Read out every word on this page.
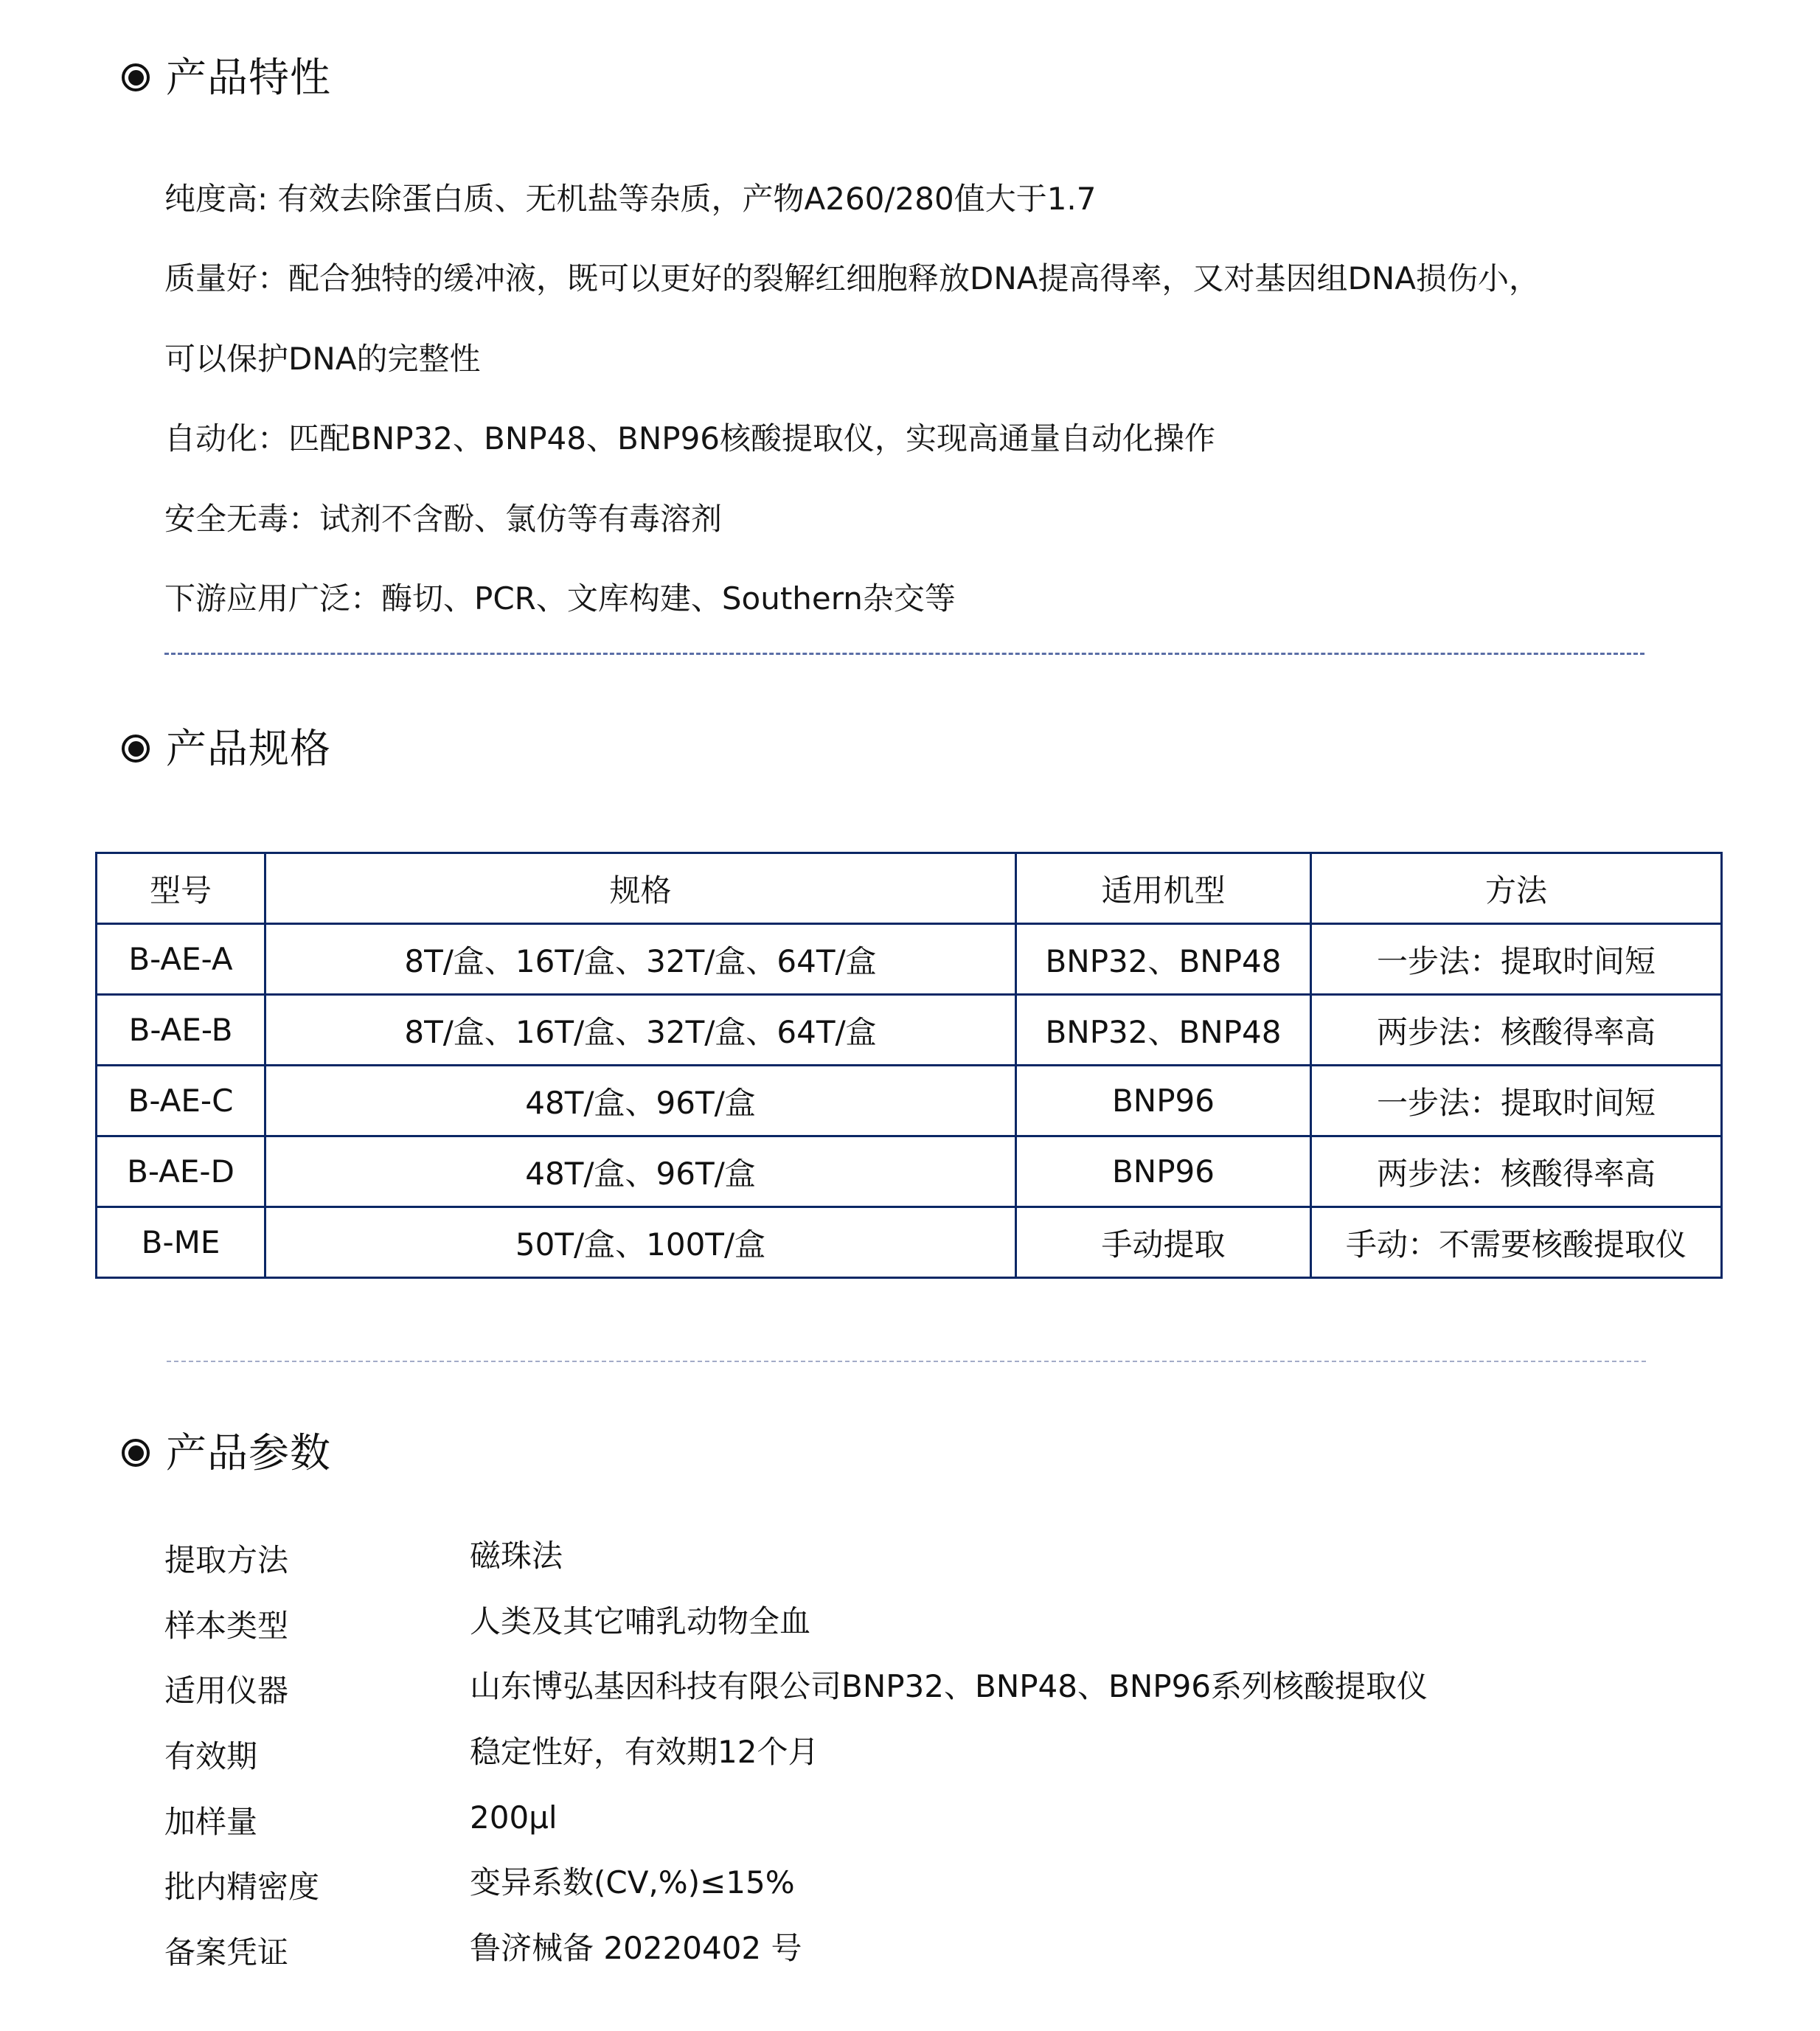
产品特性
纯度高: 有效去除蛋白质、无机盐等杂质，产物A260/280值大于1.7
质量好：配合独特的缓冲液，既可以更好的裂解红细胞释放DNA提高得率，又对基因组DNA损伤小，
可以保护DNA的完整性
自动化：匹配BNP32、BNP48、BNP96核酸提取仪，实现高通量自动化操作
安全无毒：试剂不含酚、氯仿等有毒溶剂
下游应用广泛：酶切、PCR、文库构建、Southern杂交等
产品规格
型号	规格	适用机型	方法
B-AE-A	8T/盒、16T/盒、32T/盒、64T/盒	BNP32、BNP48	一步法：提取时间短
B-AE-B	8T/盒、16T/盒、32T/盒、64T/盒	BNP32、BNP48	两步法：核酸得率高
B-AE-C	48T/盒、96T/盒	BNP96	一步法：提取时间短
B-AE-D	48T/盒、96T/盒	BNP96	两步法：核酸得率高
B-ME	50T/盒、100T/盒	手动提取	手动：不需要核酸提取仪
产品参数
提取方法	磁珠法
样本类型	人类及其它哺乳动物全血
适用仪器	山东博弘基因科技有限公司BNP32、BNP48、BNP96系列核酸提取仪
有效期	稳定性好，有效期12个月
加样量	200μl
批内精密度	变异系数(CV,%)≤15%
备案凭证	鲁济械备 20220402 号
